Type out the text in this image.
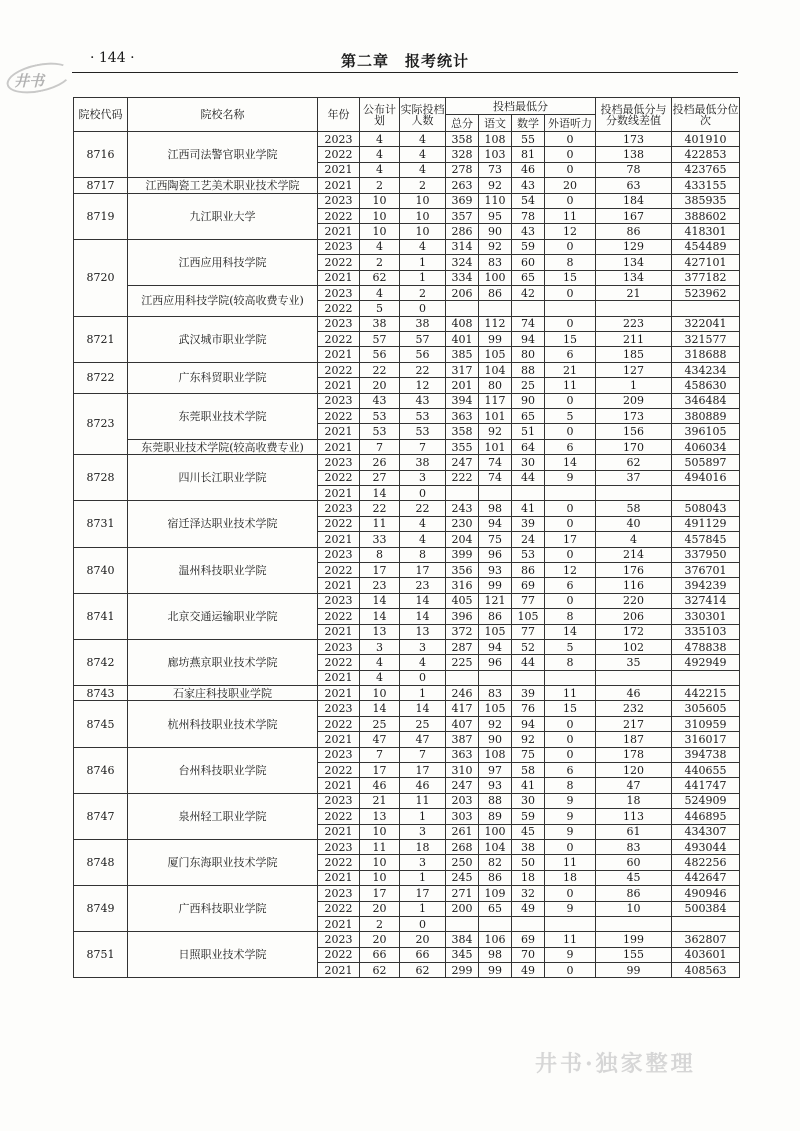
· 144 ·	第二章　报考统计
井书
院校代码	院校名称	年份	公布计划	实际投档人数	投档最低分				投档最低分与分数线差值	投档最低分位次
					总分	语文	数学	外语听力		
8716	江西司法警官职业学院	2023	4	4	358	108	55	0	173	401910
		2022	4	4	328	103	81	0	138	422853
		2021	4	4	278	73	46	0	78	423765
8717	江西陶瓷工艺美术职业技术学院	2021	2	2	263	92	43	20	63	433155
8719	九江职业大学	2023	10	10	369	110	54	0	184	385935
		2022	10	10	357	95	78	11	167	388602
		2021	10	10	286	90	43	12	86	418301
8720	江西应用科技学院	2023	4	4	314	92	59	0	129	454489
		2022	2	1	324	83	60	8	134	427101
		2021	62	1	334	100	65	15	134	377182
	江西应用科技学院(较高收费专业)	2023	4	2	206	86	42	0	21	523962
		2022	5	0						
8721	武汉城市职业学院	2023	38	38	408	112	74	0	223	322041
		2022	57	57	401	99	94	15	211	321577
		2021	56	56	385	105	80	6	185	318688
8722	广东科贸职业学院	2022	22	22	317	104	88	21	127	434234
		2021	20	12	201	80	25	11	1	458630
8723	东莞职业技术学院	2023	43	43	394	117	90	0	209	346484
		2022	53	53	363	101	65	5	173	380889
		2021	53	53	358	92	51	0	156	396105
	东莞职业技术学院(较高收费专业)	2021	7	7	355	101	64	6	170	406034
8728	四川长江职业学院	2023	26	38	247	74	30	14	62	505897
		2022	27	3	222	74	44	9	37	494016
		2021	14	0						
8731	宿迁泽达职业技术学院	2023	22	22	243	98	41	0	58	508043
		2022	11	4	230	94	39	0	40	491129
		2021	33	4	204	75	24	17	4	457845
8740	温州科技职业学院	2023	8	8	399	96	53	0	214	337950
		2022	17	17	356	93	86	12	176	376701
		2021	23	23	316	99	69	6	116	394239
8741	北京交通运输职业学院	2023	14	14	405	121	77	0	220	327414
		2022	14	14	396	86	105	8	206	330301
		2021	13	13	372	105	77	14	172	335103
8742	廊坊燕京职业技术学院	2023	3	3	287	94	52	5	102	478838
		2022	4	4	225	96	44	8	35	492949
		2021	4	0						
8743	石家庄科技职业学院	2021	10	1	246	83	39	11	46	442215
8745	杭州科技职业技术学院	2023	14	14	417	105	76	15	232	305605
		2022	25	25	407	92	94	0	217	310959
		2021	47	47	387	90	92	0	187	316017
8746	台州科技职业学院	2023	7	7	363	108	75	0	178	394738
		2022	17	17	310	97	58	6	120	440655
		2021	46	46	247	93	41	8	47	441747
8747	泉州轻工职业学院	2023	21	11	203	88	30	9	18	524909
		2022	13	1	303	89	59	9	113	446895
		2021	10	3	261	100	45	9	61	434307
8748	厦门东海职业技术学院	2023	11	18	268	104	38	0	83	493044
		2022	10	3	250	82	50	11	60	482256
		2021	10	1	245	86	18	18	45	442647
8749	广西科技职业学院	2023	17	17	271	109	32	0	86	490946
		2022	20	1	200	65	49	9	10	500384
		2021	2	0						
8751	日照职业技术学院	2023	20	20	384	106	69	11	199	362807
		2022	66	66	345	98	70	9	155	403601
		2021	62	62	299	99	49	0	99	408563
井书·独家整理
